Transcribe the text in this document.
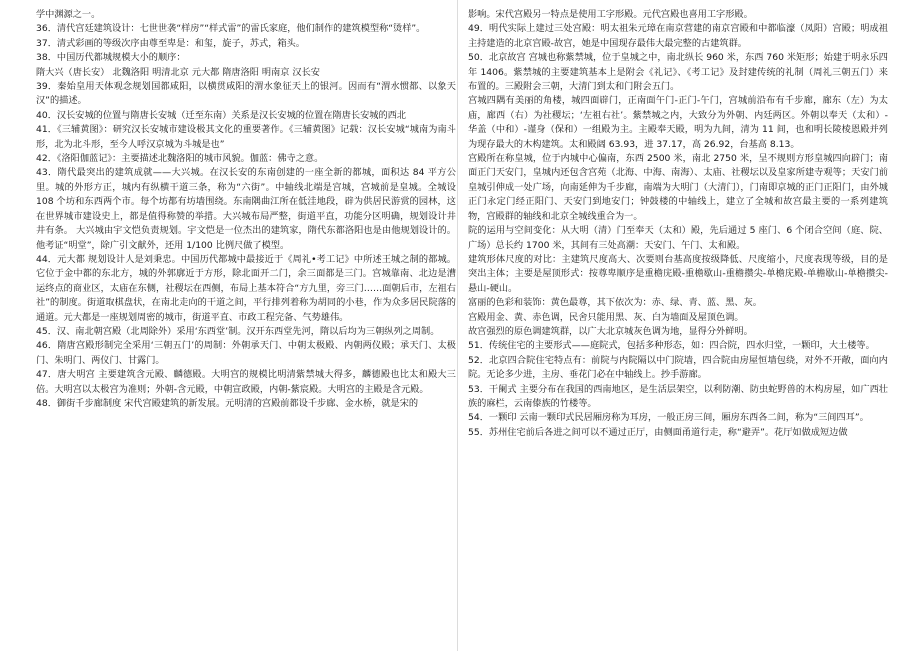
学中渊源之一。

36．清代宫廷建筑设计：七世世袭“样房”“样式雷”的雷氏家庭，他们制作的建筑模型称“烫样”。

37．清式彩画的等级次序由尊至卑是：和玺，旋子，苏式，箱头。

38．中国历代都城规模大小的顺序：

隋大兴（唐长安） 北魏洛阳 明清北京 元大都 隋唐洛阳 明南京 汉长安

39．秦始皇用天体观念规划国都咸阳，以横贯咸阳的渭水象征天上的银河。因而有“渭水惯都、以象天汉”的描述。

40．汉长安城的位置与隋唐长安城（迁至东南）关系是汉长安城的位置在隋唐长安城的西北

41．《三辅黄图》：研究汉长安城市建设极其文化的重要著作。《三辅黄图》记载：汉长安城“城南为南斗形，北为北斗形，至今人呼汉京城为斗城是也”

42．《洛阳伽蓝记》：主要描述北魏洛阳的城市风貌。伽蓝：佛寺之意。

43．隋代最突出的建筑成就——大兴城。在汉长安的东南创建的一座全新的都城，面积达 84 平方公里。城的外形方正，城内有纵横干道三条，称为“六街”。中轴线北端是宫城，宫城前是皇城。全城设 108 个坊和东西两个市。每个坊都有坊墙围绕。东南隅曲江所在低洼地段，辟为供居民游赏的园林，这在世界城市建设史上，都是值得称赞的举措。大兴城布局严整，街道平直，功能分区明确，规划设计井井有条。 大兴城由宇文恺负责规划。宇文恺是一位杰出的建筑家，隋代东都洛阳也是由他规划设计的。他考证“明堂”，除广引文献外，还用 1/100 比例尺做了模型。

44．元大都 规划设计人是刘秉忠。中国历代都城中最接近于《周礼•考工记》中所述王城之制的都城。它位于金中都的东北方，城的外郭廓近于方形，除北面开二门，余三面都是三门。宫城靠南、北边是漕运终点的商业区，太庙在东侧，社稷坛在西侧，布局上基本符合“方九里，旁三门……面朝后市，左祖右社”的制度。街道取棋盘状，在南北走向的干道之间，平行排列着称为胡同的小巷，作为众多居民院落的通道。元大都是一座规划周密的城市，街道平直、市政工程完备、气势雄伟。

45．汉、南北朝宫殿（北周除外）采用‘东西堂’制。汉开东西堂先河，隋以后均为三朝纵列之周制。

46．隋唐宫殿形制完全采用‘三朝五门’的周制：外朝承天门、中朝太极殿、内朝两仪殿；承天门、太极门、朱明门、两仪门、甘露门。

47．唐大明宫 主要建筑含元殿、麟德殿。大明宫的规模比明清紫禁城大得多，麟德殿也比太和殿大三倍。大明宫以太极宫为准则；外朝-含元殿，中朝宣政殿，内朝-紫宸殿。大明宫的主殿是含元殿。

48．御街千步廊制度 宋代宫殿建筑的新发展。元明清的宫殿前都设千步廊、金水桥，就是宋的

影响。宋代宫殿另一特点是使用工字形殿。元代宫殿也喜用工字形殿。

49．明代实际上建过三处宫殿：明太祖朱元璋在南京营建的南京宫殿和中都临濠（凤阳）宫殿；明成祖主持建造的北京宫殿-故宫，她是中国现存最伟大最完整的古建筑群。

50．北京故宫 宫城也称紫禁城，位于皇城之中，南北纵长 960 米，东西 760 米矩形；始建于明永乐四年 1406。紫禁城的主要建筑基本上是附会《礼记》、《考工记》及封建传统的礼制（周礼三朝五门）来布置的。三殿附会三朝，大清门到太和门附会五门。

宫城四隅有美丽的角楼，城四面辟门，正南面午门-正门-午门，宫城前沿布有千步廊，廊东（左）为太庙，廊西（右）为社稷坛；‘左祖右社’。紫禁城之内，大致分为外朝、内廷两区。外朝以奉天（太和）-华盖（中和）-谨身（保和）一组殿为主。主殿奉天殿，明为九间，清为 11 间，也和明长陵棱恩殿并列为现存最大的木构建筑。太和殿阔 63.93，进 37.17，高 26.92，台基高 8.13。

宫殿所在称皇城，位于内城中心偏南，东西 2500 米，南北 2750 米，呈不规则方形皇城四向辟门；南面正门天安门，皇城内还包含宫苑（北海、中海、南海）、太庙、社稷坛以及皇家所建寺观等；天安门前皇城引伸成一处广场，向南延伸为千步廊，南端为大明门（大清门），门南即京城的正门正阳门，由外城正门永定门经正阳门、天安门到地安门；钟鼓楼的中轴线上，建立了全城和故宫最主要的一系列建筑物，宫殿群的轴线和北京全城线重合为一。

院的运用与空间变化：从大明（清）门至奉天（太和）殿，先后通过 5 座门、6 个闭合空间（庭、院、广场）总长约 1700 米，其间有三处高潮：天安门、午门、太和殿。

建筑形体尺度的对比：主建筑尺度高大、次要则台基高度按级降低、尺度缩小，尺度表现等级，目的是突出主体；主要是屋顶形式：按尊卑顺序是重檐庑殿-重檐歇山-重檐攒尖-单檐庑殿-单檐歇山-单檐攒尖-悬山-硬山。

富丽的色彩和装饰：黄色最尊，其下依次为：赤、绿、青、蓝、黑、灰。

宫殿用金、黄、赤色调，民舍只能用黑、灰、白为墙面及屋顶色调。

故宫强烈的原色调建筑群，以广大北京城灰色调为地，显得分外鲜明。

51．传统住宅的主要形式——庭院式，包括多种形态，如：四合院，四水归堂，一颗印，大土楼等。

52．北京四合院住宅特点有：前院与内院隔以中门院墙，四合院由房屋恒墙包绕，对外不开敞，面向内院。无论多少进，主房、垂花门必在中轴线上。抄手游廊。

53．干阑式 主要分布在我国的西南地区，是生活层架空，以利防潮、防虫蛇野兽的木构房屋，如广西壮族的麻栏，云南傣族的竹楼等。

54．一颗印 云南一颗印式民居厢房称为耳房，一般正房三间，厢房东西各二间，称为“三间四耳”。

55．苏州住宅前后各进之间可以不通过正厅，由侧面甬道行走，称“避弄”。花厅如做成短边做
